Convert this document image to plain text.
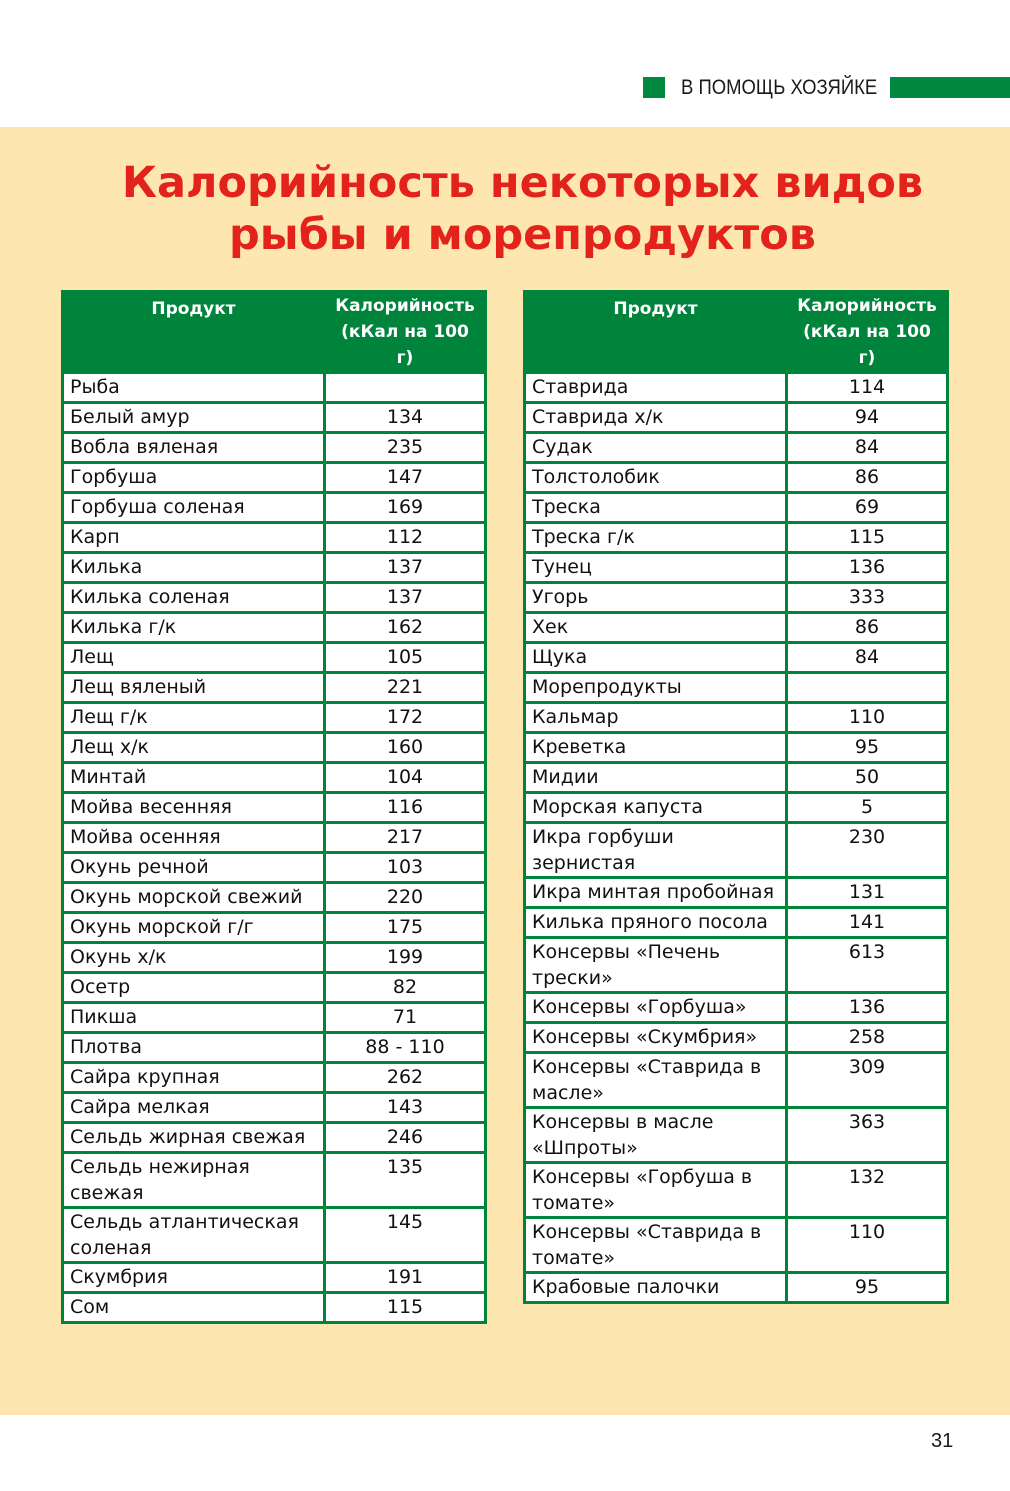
В ПОМОЩЬ ХОЗЯЙКЕ
Калорийность некоторых видов
рыбы и морепродуктов
Продукт	Калорийность
(кКал на 100 г)
Рыба	
Белый амур	134
Вобла вяленая	235
Горбуша	147
Горбуша соленая	169
Карп	112
Килька	137
Килька соленая	137
Килька г/к	162
Лещ	105
Лещ вяленый	221
Лещ г/к	172
Лещ х/к	160
Минтай	104
Мойва весенняя	116
Мойва осенняя	217
Окунь речной	103
Окунь морской свежий	220
Окунь морской г/г	175
Окунь х/к	199
Осетр	82
Пикша	71
Плотва	88 - 110
Сайра крупная	262
Сайра мелкая	143
Сельдь жирная свежая	246
Сельдь нежирная свежая	135
Сельдь атлантическая соленая	145
Скумбрия	191
Сом	115
Продукт	Калорийность
(кКал на 100 г)
Ставрида	114
Ставрида х/к	94
Судак	84
Толстолобик	86
Треска	69
Треска г/к	115
Тунец	136
Угорь	333
Хек	86
Щука	84
Морепродукты	
Кальмар	110
Креветка	95
Мидии	50
Морская капуста	5
Икра горбуши зернистая	230
Икра минтая пробойная	131
Килька пряного посола	141
Консервы «Печень трески»	613
Консервы «Горбуша»	136
Консервы «Скумбрия»	258
Консервы «Ставрида в масле»	309
Консервы в масле «Шпроты»	363
Консервы «Горбуша в томате»	132
Консервы «Ставрида в томате»	110
Крабовые палочки	95
31
